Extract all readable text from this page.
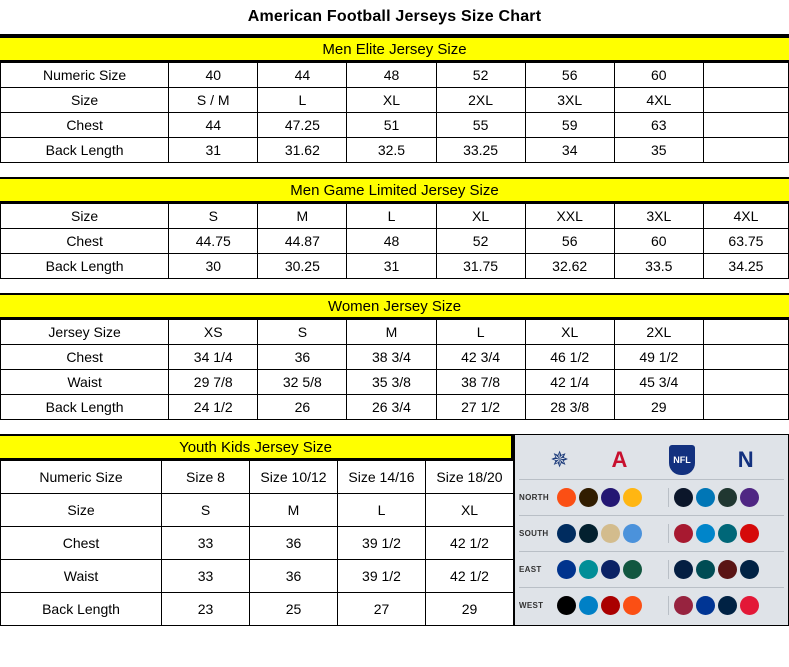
American Football Jerseys Size Chart
Men Elite Jersey Size
Numeric Size	40	44	48	52	56	60	
Size	S / M	L	XL	2XL	3XL	4XL	
Chest	44	47.25	51	55	59	63	
Back Length	31	31.62	32.5	33.25	34	35	
Men Game Limited Jersey Size
Size	S	M	L	XL	XXL	3XL	4XL
Chest	44.75	44.87	48	52	56	60	63.75
Back Length	30	30.25	31	31.75	32.62	33.5	34.25
Women Jersey Size
Jersey Size	XS	S	M	L	XL	2XL	
Chest	34 1/4	36	38 3/4	42 3/4	46 1/2	49 1/2	
Waist	29 7/8	32 5/8	35 3/8	38 7/8	42 1/4	45 3/4	
Back Length	24 1/2	26	26 3/4	27 1/2	28 3/8	29	
Youth Kids Jersey Size
Numeric Size	Size 8	Size 10/12	Size 14/16	Size 18/20
Size	S	M	L	XL
Chest	33	36	39 1/2	42 1/2
Waist	33	36	39 1/2	42 1/2
Back Length	23	25	27	29
✵ A	NFL N
NORTH
SOUTH
EAST
WEST
